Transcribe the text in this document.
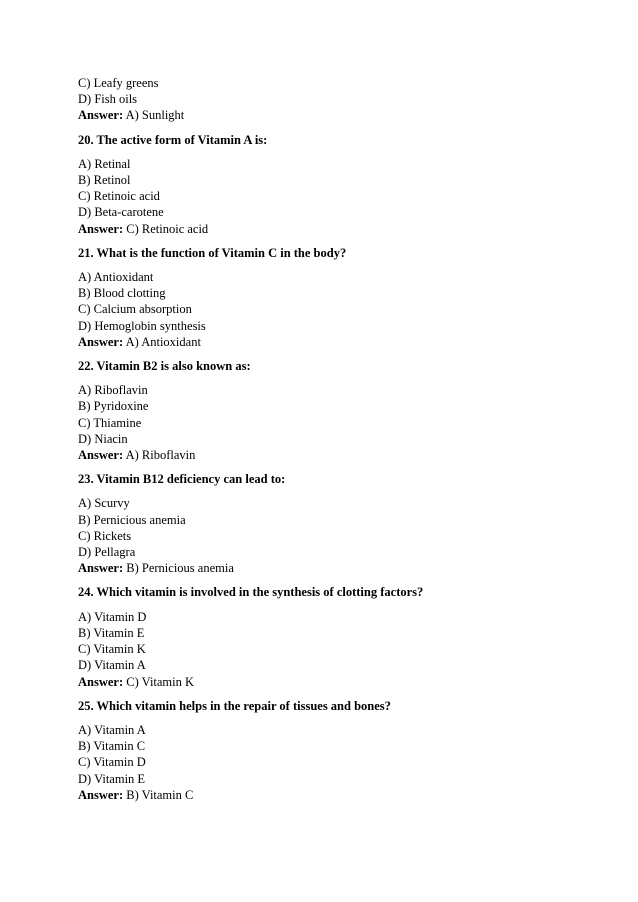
C) Leafy greens
D) Fish oils
Answer: A) Sunlight
20. The active form of Vitamin A is:
A) Retinal
B) Retinol
C) Retinoic acid
D) Beta-carotene
Answer: C) Retinoic acid
21. What is the function of Vitamin C in the body?
A) Antioxidant
B) Blood clotting
C) Calcium absorption
D) Hemoglobin synthesis
Answer: A) Antioxidant
22. Vitamin B2 is also known as:
A) Riboflavin
B) Pyridoxine
C) Thiamine
D) Niacin
Answer: A) Riboflavin
23. Vitamin B12 deficiency can lead to:
A) Scurvy
B) Pernicious anemia
C) Rickets
D) Pellagra
Answer: B) Pernicious anemia
24. Which vitamin is involved in the synthesis of clotting factors?
A) Vitamin D
B) Vitamin E
C) Vitamin K
D) Vitamin A
Answer: C) Vitamin K
25. Which vitamin helps in the repair of tissues and bones?
A) Vitamin A
B) Vitamin C
C) Vitamin D
D) Vitamin E
Answer: B) Vitamin C
